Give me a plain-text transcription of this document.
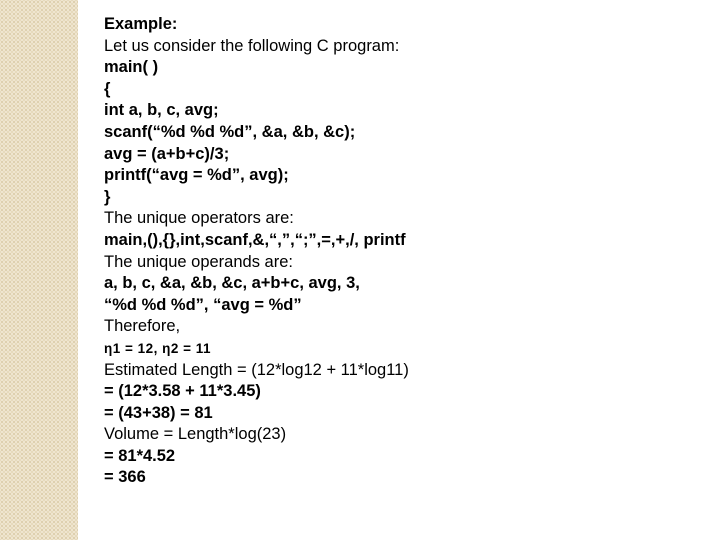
Example:
Let us consider the following C program:
main( )
{
int a, b, c, avg;
scanf(“%d %d %d”, &a, &b, &c);
avg = (a+b+c)/3;
printf(“avg = %d”, avg);
}
The unique operators are:
main,(),{},int,scanf,&,“,”,“;”,=,+,/, printf
The unique operands are:
a, b, c, &a, &b, &c, a+b+c, avg, 3,
“%d %d %d”, “avg = %d”
Therefore,
η1 = 12, η2 = 11
Estimated Length = (12*log12 + 11*log11)
= (12*3.58 + 11*3.45)
= (43+38) = 81
Volume = Length*log(23)
= 81*4.52
= 366
